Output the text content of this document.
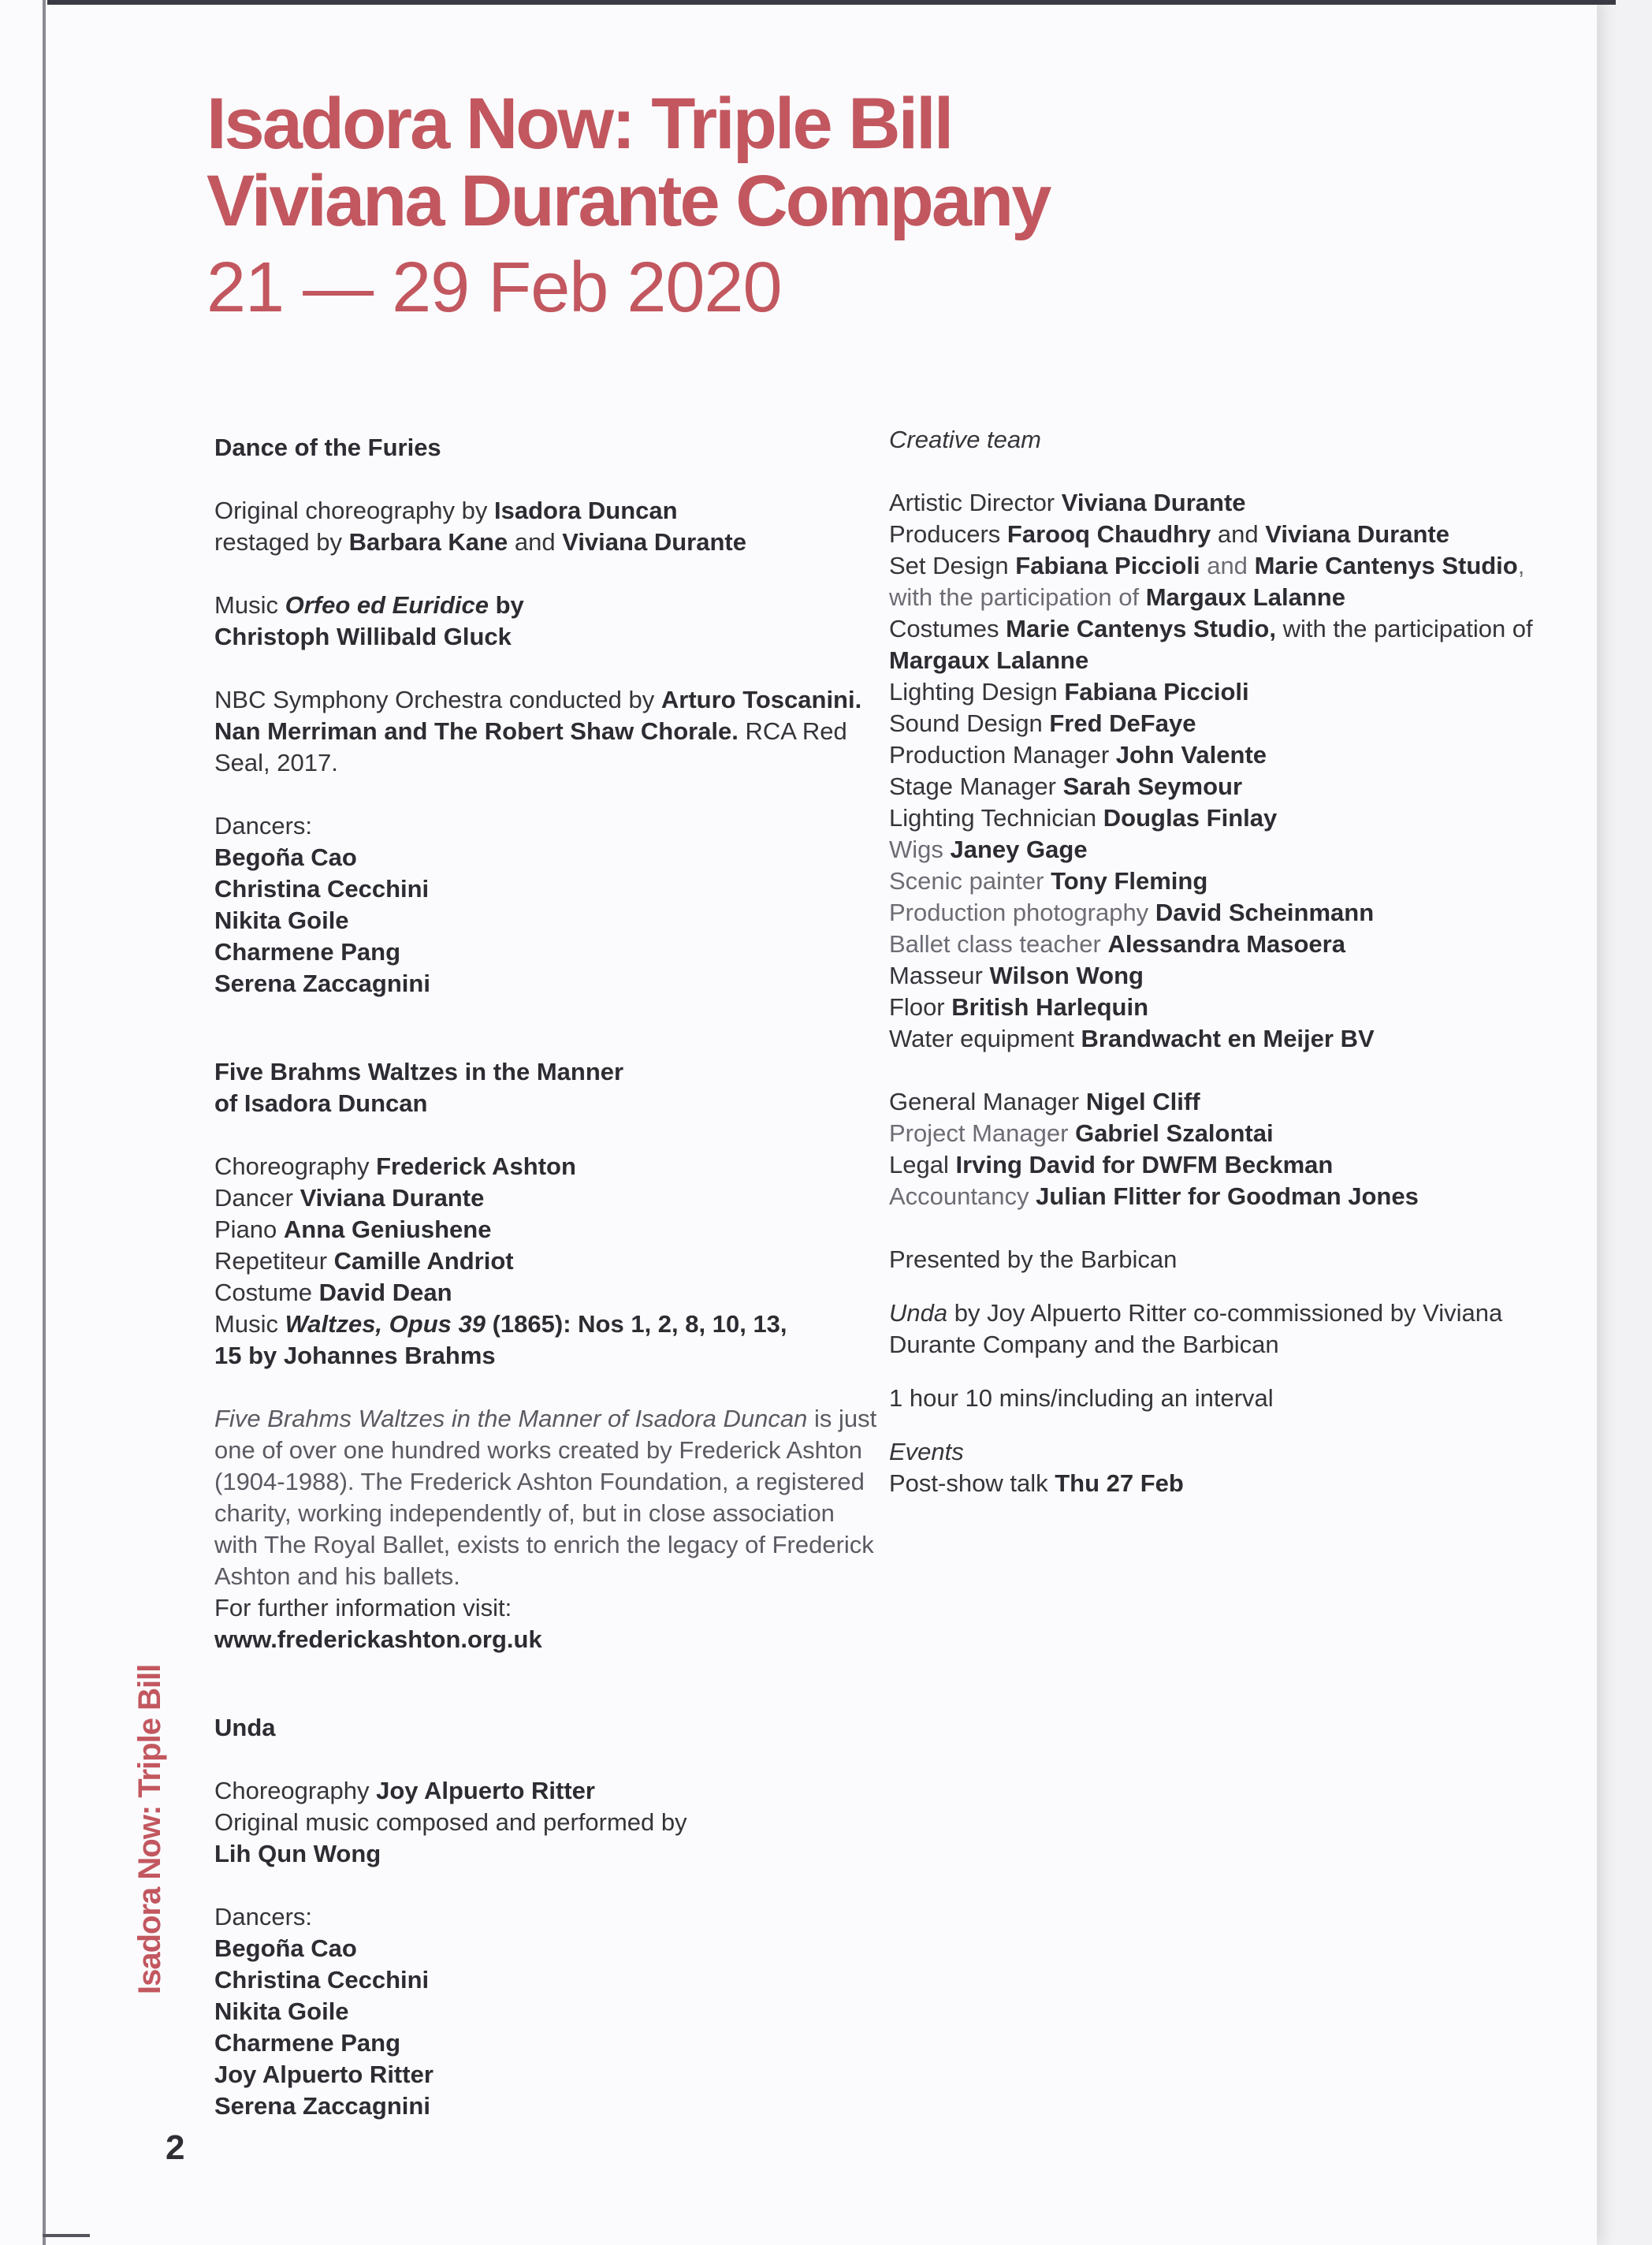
Isadora Now: Triple Bill
Viviana Durante Company
21 — 29 Feb 2020
Isadora Now: Triple Bill
2

Dance of the Furies

Original choreography by Isadora Duncan
restaged by Barbara Kane and Viviana Durante

Music Orfeo ed Euridice by
Christoph Willibald Gluck

NBC Symphony Orchestra conducted by Arturo Toscanini. Nan Merriman and The Robert Shaw Chorale. RCA Red Seal, 2017.

Dancers:

Begoña Cao

Christina Cecchini

Nikita Goile

Charmene Pang

Serena Zaccagnini

Five Brahms Waltzes in the Manner
of Isadora Duncan

Choreography Frederick Ashton

Dancer Viviana Durante

Piano Anna Geniushene

Repetiteur Camille Andriot

Costume David Dean

Music Waltzes, Opus 39 (1865): Nos 1, 2, 8, 10, 13,
15 by Johannes Brahms

Five Brahms Waltzes in the Manner of Isadora Duncan is just one of over one hundred works created by Frederick Ashton (1904-1988). The Frederick Ashton Foundation, a registered charity, working independently of, but in close association with The Royal Ballet, exists to enrich the legacy of Frederick Ashton and his ballets.

For further information visit:

www.frederickashton.org.uk

Unda

Choreography Joy Alpuerto Ritter

Original music composed and performed by
Lih Qun Wong

Dancers:

Begoña Cao

Christina Cecchini

Nikita Goile

Charmene Pang

Joy Alpuerto Ritter

Serena Zaccagnini

Creative team

Artistic Director Viviana Durante

Producers Farooq Chaudhry and Viviana Durante

Set Design Fabiana Piccioli and Marie Cantenys Studio, with the participation of Margaux Lalanne

Costumes Marie Cantenys Studio, with the participation of Margaux Lalanne

Lighting Design Fabiana Piccioli

Sound Design Fred DeFaye

Production Manager John Valente

Stage Manager Sarah Seymour

Lighting Technician Douglas Finlay

Wigs Janey Gage

Scenic painter Tony Fleming

Production photography David Scheinmann

Ballet class teacher Alessandra Masoera

Masseur Wilson Wong

Floor British Harlequin

Water equipment Brandwacht en Meijer BV

General Manager Nigel Cliff

Project Manager Gabriel Szalontai

Legal Irving David for DWFM Beckman

Accountancy Julian Flitter for Goodman Jones

Presented by the Barbican

Unda by Joy Alpuerto Ritter co-commissioned by Viviana Durante Company and the Barbican

1 hour 10 mins/including an interval

Events

Post-show talk Thu 27 Feb
